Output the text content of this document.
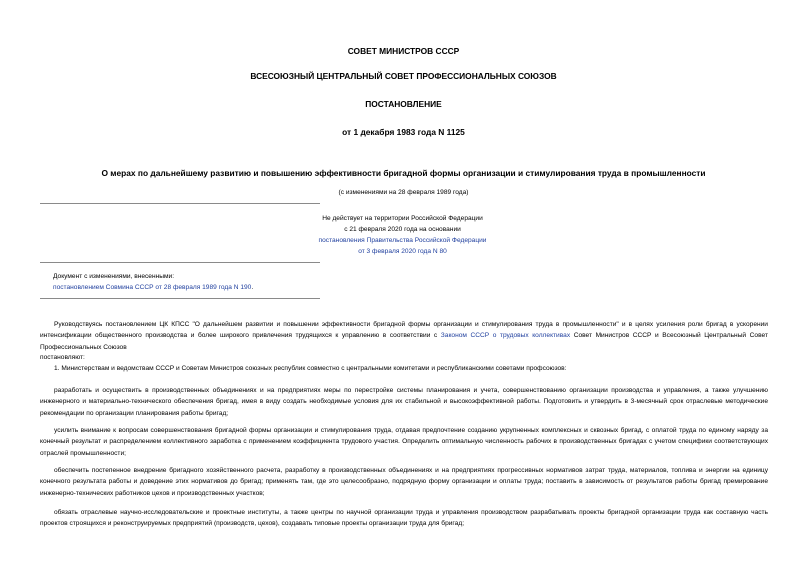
СОВЕТ МИНИСТРОВ СССР
ВСЕСОЮЗНЫЙ ЦЕНТРАЛЬНЫЙ СОВЕТ ПРОФЕССИОНАЛЬНЫХ СОЮЗОВ
ПОСТАНОВЛЕНИЕ
от 1 декабря 1983 года N 1125
О мерах по дальнейшему развитию и повышению эффективности бригадной формы организации и стимулирования труда в промышленности
(с изменениями на 28 февраля 1989 года)
Не действует на территории Российской Федерации
с 21 февраля 2020 года на основании
постановления Правительства Российской Федерации
от 3 февраля 2020 года N 80
Документ с изменениями, внесенными:
постановлением Совмина СССР от 28 февраля 1989 года N 190.
Руководствуясь постановлением ЦК КПСС "О дальнейшем развитии и повышении эффективности бригадной формы организации и стимулирования труда в промышленности" и в целях усиления роли бригад в ускорении интенсификации общественного производства и более широкого привлечения трудящихся к управлению в соответствии с Законом СССР о трудовых коллективах Совет Министров СССР и Всесоюзный Центральный Совет Профессиональных Союзов
постановляют:
1. Министерствам и ведомствам СССР и Советам Министров союзных республик совместно с центральными комитетами и республиканскими советами профсоюзов:
разработать и осуществить в производственных объединениях и на предприятиях меры по перестройке системы планирования и учета, совершенствованию организации производства и управления, а также улучшению инженерного и материально-технического обеспечения бригад, имея в виду создать необходимые условия для их стабильной и высокоэффективной работы. Подготовить и утвердить в 3-месячный срок отраслевые методические рекомендации по организации планирования работы бригад;
усилить внимание к вопросам совершенствования бригадной формы организации и стимулирования труда, отдавая предпочтение созданию укрупненных комплексных и сквозных бригад, с оплатой труда по единому наряду за конечный результат и распределением коллективного заработка с применением коэффициента трудового участия. Определить оптимальную численность рабочих в производственных бригадах с учетом специфики соответствующих отраслей промышленности;
обеспечить постепенное внедрение бригадного хозяйственного расчета, разработку в производственных объединениях и на предприятиях прогрессивных нормативов затрат труда, материалов, топлива и энергии на единицу конечного результата работы и доведение этих нормативов до бригад; применять там, где это целесообразно, подрядную форму организации и оплаты труда; поставить в зависимость от результатов работы бригад премирование инженерно-технических работников цехов и производственных участков;
обязать отраслевые научно-исследовательские и проектные институты, а также центры по научной организации труда и управления производством разрабатывать проекты бригадной организации труда как составную часть проектов строящихся и реконструируемых предприятий (производств, цехов), создавать типовые проекты организации труда для бригад;
